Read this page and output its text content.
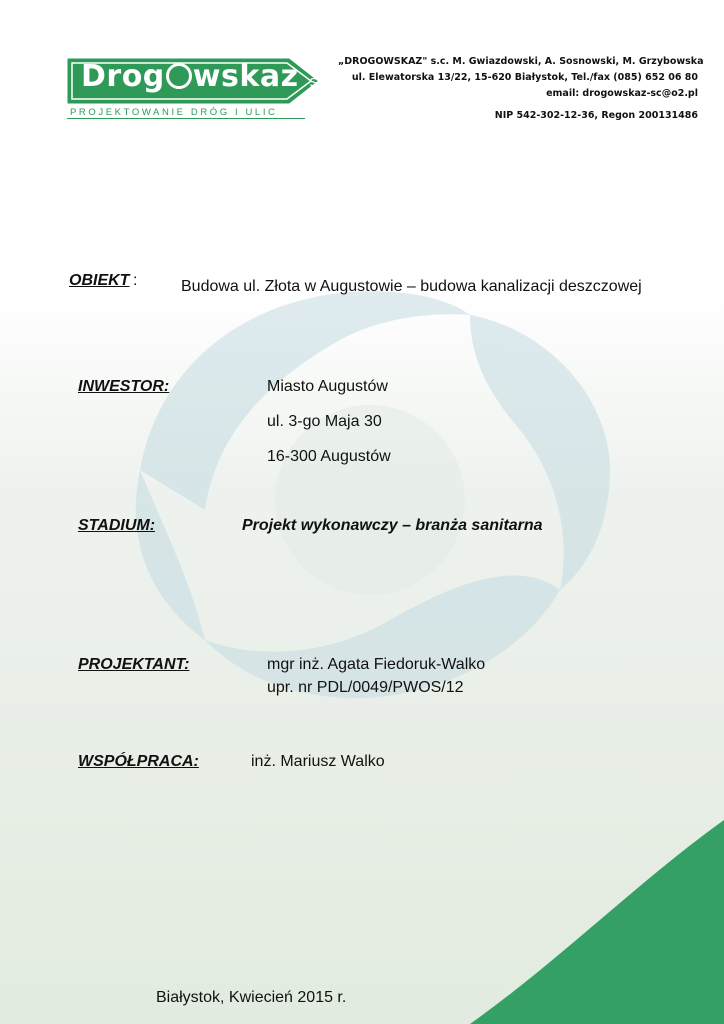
Drog wskaz s.c.
PROJEKTOWANIE DRÓG I ULIC
„DROGOWSKAZ" s.c. M. Gwiazdowski, A. Sosnowski, M. Grzybowska
ul. Elewatorska 13/22, 15-620 Białystok, Tel./fax (085) 652 06 80
email: drogowskaz-sc@o2.pl
NIP 542-302-12-36, Regon 200131486
OBIEKT :	Budowa ul. Złota w Augustowie – budowa kanalizacji deszczowej
INWESTOR:	Miasto Augustów
ul. 3-go Maja 30
16-300 Augustów
STADIUM:	Projekt wykonawczy – branża sanitarna
PROJEKTANT:	mgr inż. Agata Fiedoruk-Walko
upr. nr PDL/0049/PWOS/12
WSPÓŁPRACA:	inż. Mariusz Walko
Białystok, Kwiecień 2015 r.
